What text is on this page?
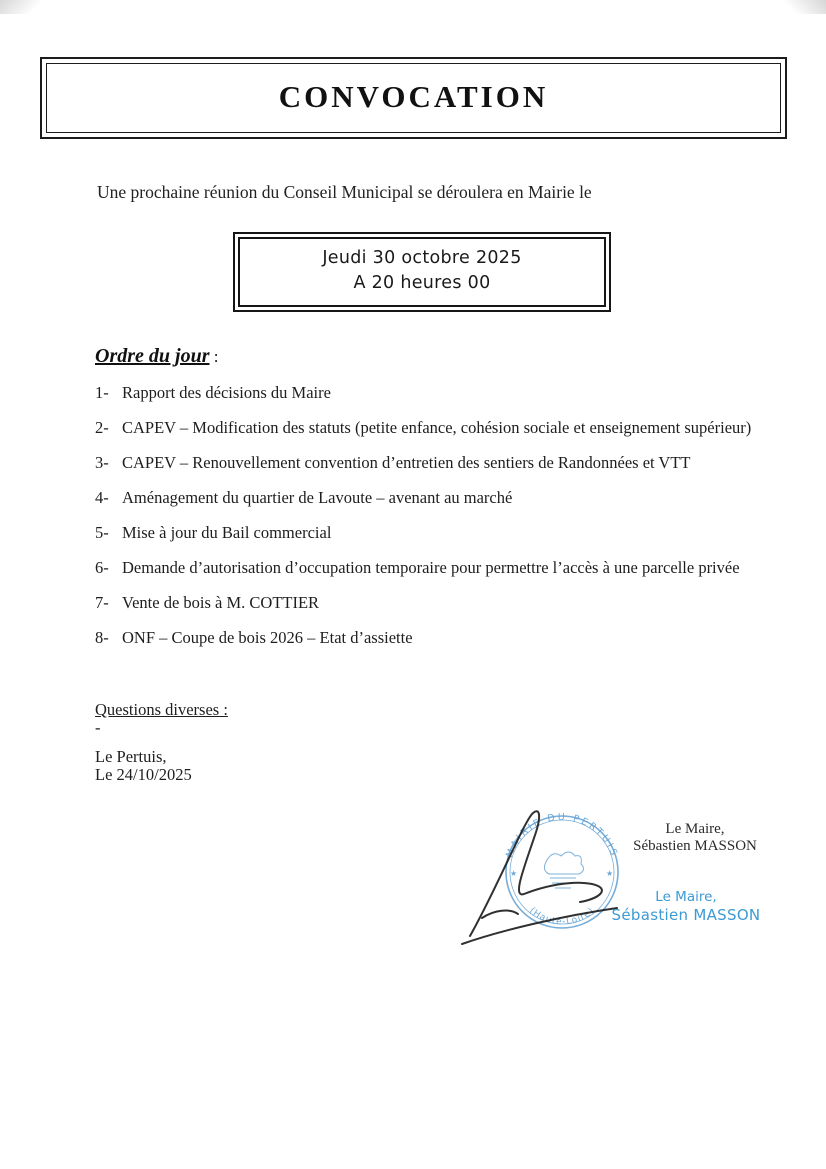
CONVOCATION
Une prochaine réunion du Conseil Municipal se déroulera en Mairie le
Jeudi 30 octobre 2025
A 20 heures 00
Ordre du jour :
1- Rapport des décisions du Maire
2- CAPEV – Modification des statuts (petite enfance, cohésion sociale et enseignement supérieur)
3- CAPEV – Renouvellement convention d’entretien des sentiers de Randonnées et VTT
4- Aménagement du quartier de Lavoute – avenant au marché
5- Mise à jour du Bail commercial
6- Demande d’autorisation d’occupation temporaire pour permettre l’accès à une parcelle privée
7- Vente de bois à M. COTTIER
8- ONF – Coupe de bois 2026 – Etat d’assiette
Questions diverses :
-
Le Pertuis,
Le 24/10/2025
MAIRIE DU PERTUIS
(Haute-Loire)
★	★
Le Maire,
Sébastien MASSON
Le Maire,
Sébastien MASSON
